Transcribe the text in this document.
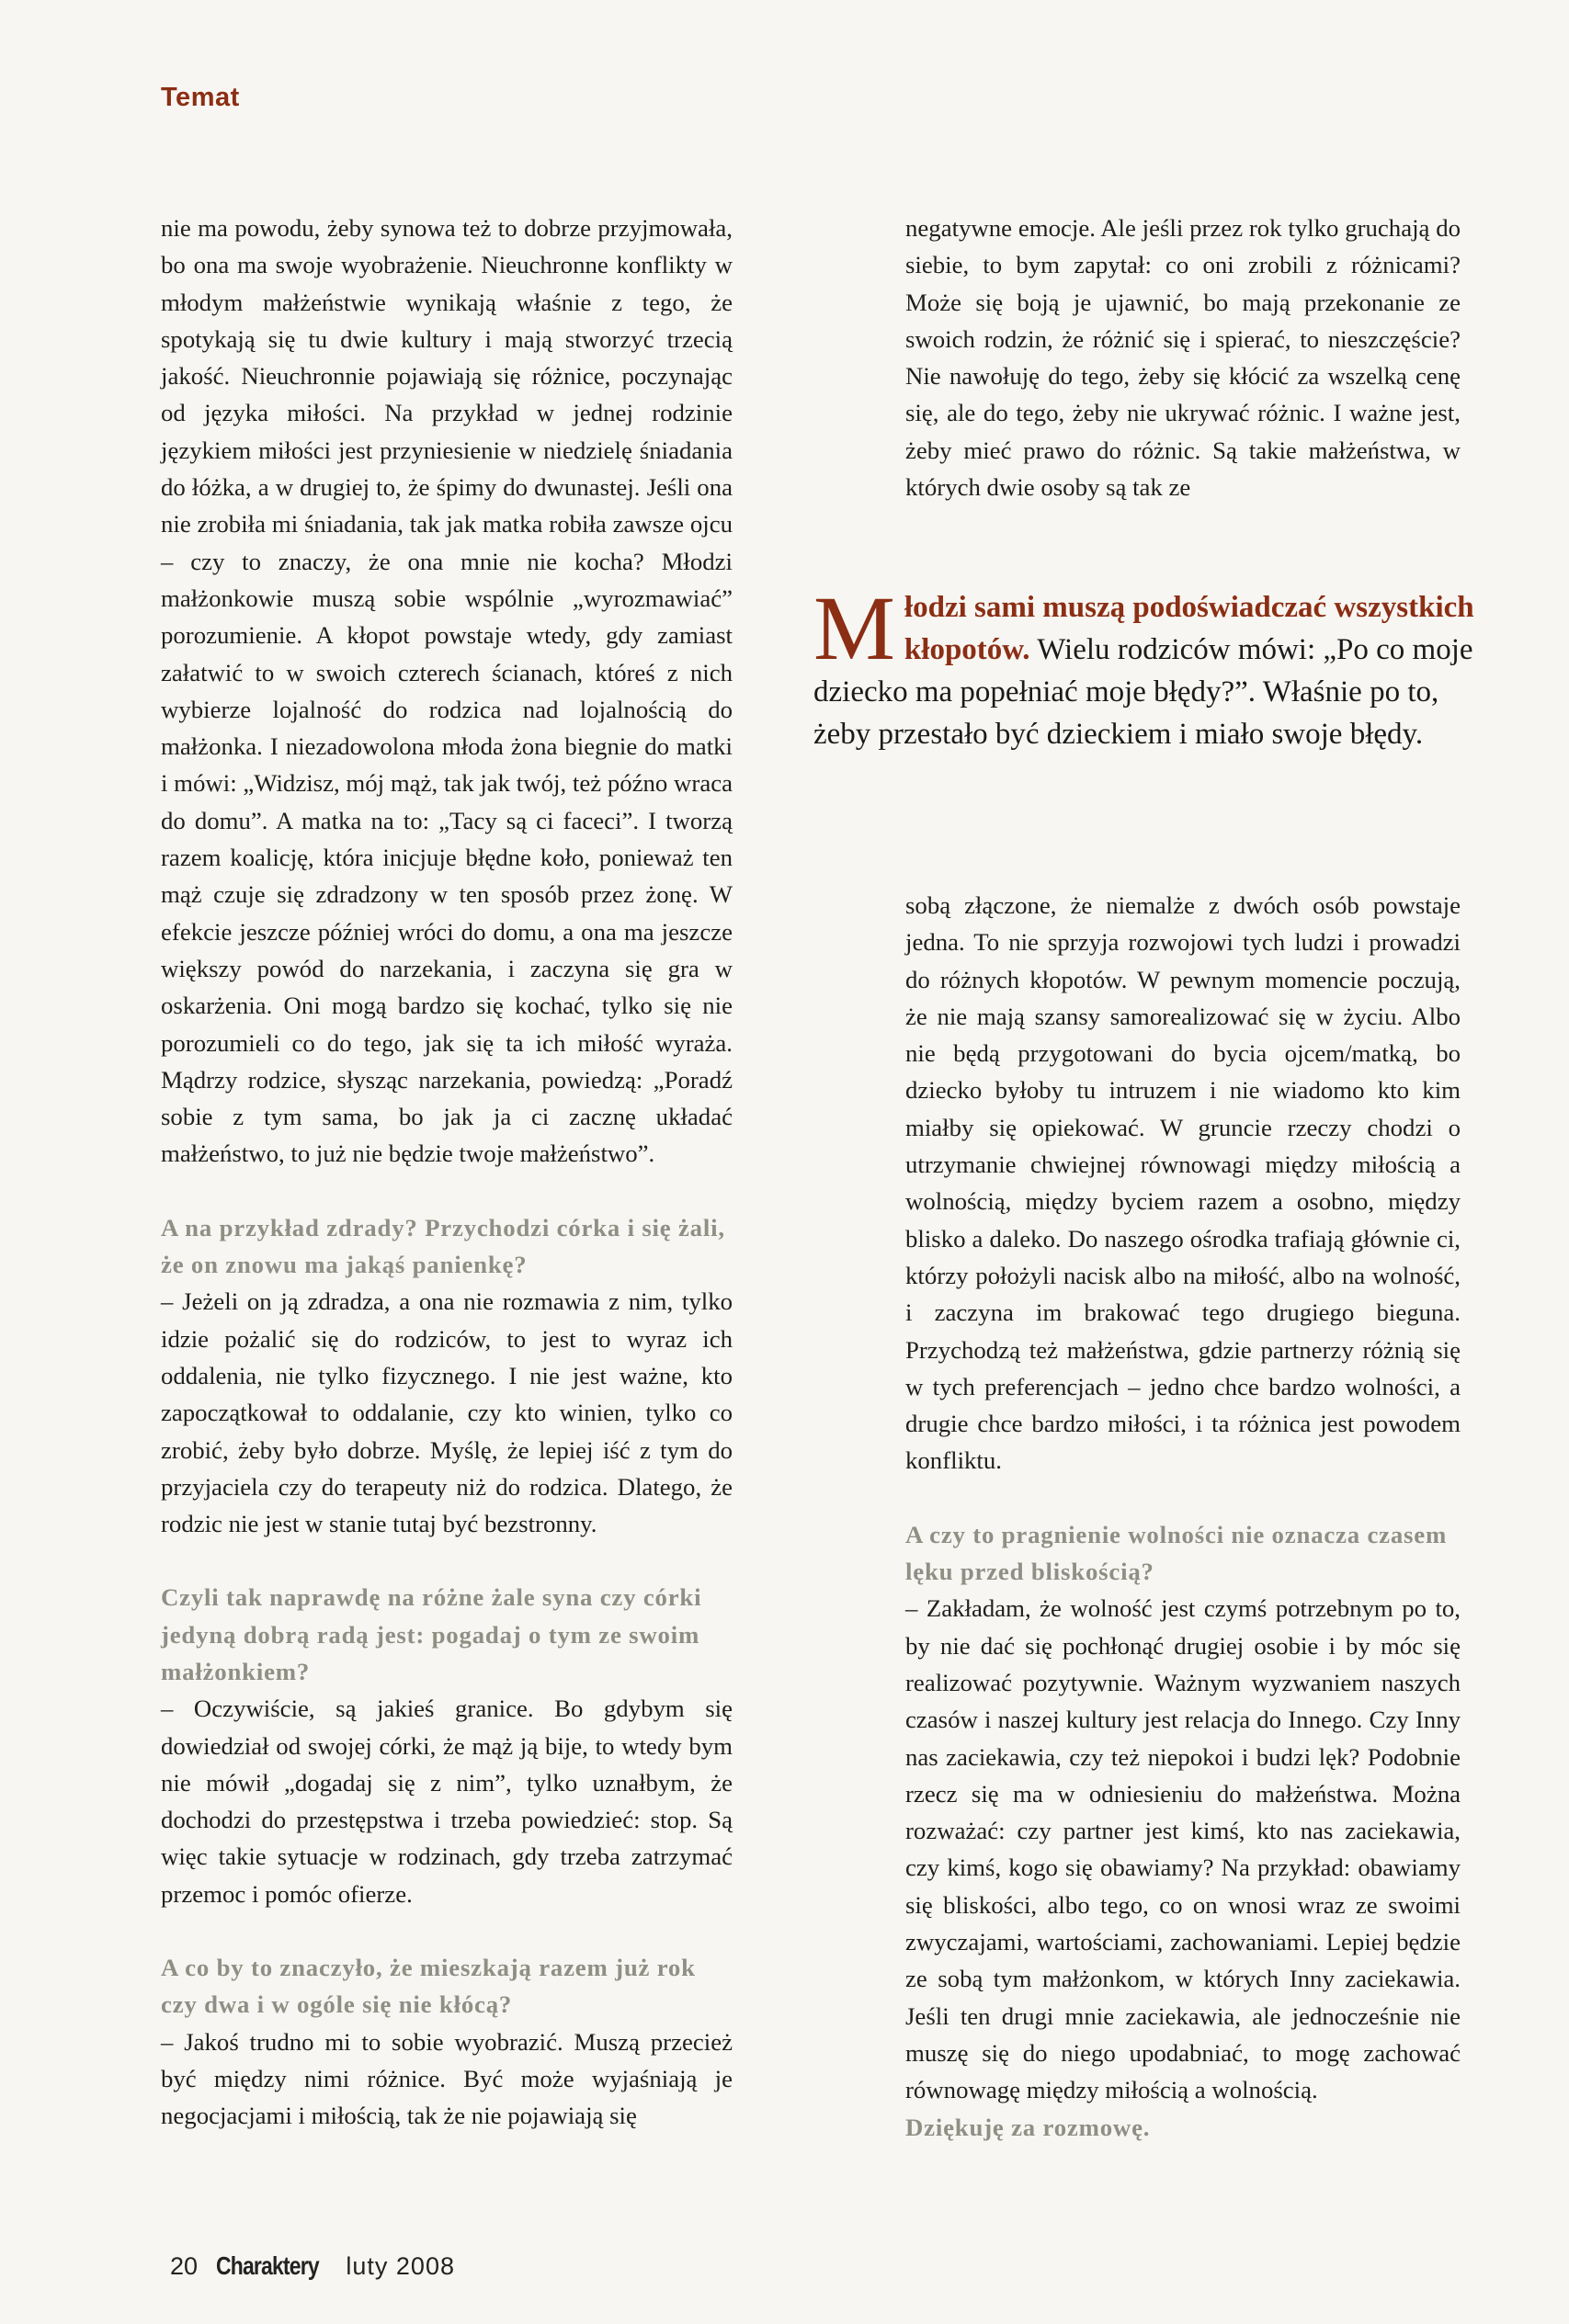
Temat

nie ma powodu, żeby synowa też to dobrze przyjmowała, bo ona ma swoje wyobrażenie. Nieuchronne konflikty w młodym małżeństwie wynikają właśnie z tego, że spotykają się tu dwie kultury i mają stworzyć trzecią jakość. Nieuchronnie pojawiają się różnice, poczynając od języka miłości. Na przykład w jednej rodzinie językiem miłości jest przyniesienie w niedzielę śniadania do łóżka, a w drugiej to, że śpimy do dwunastej. Jeśli ona nie zrobiła mi śniadania, tak jak matka robiła zawsze ojcu – czy to znaczy, że ona mnie nie kocha? Młodzi małżonkowie muszą sobie wspólnie „wyrozmawiać” porozumienie. A kłopot powstaje wtedy, gdy zamiast załatwić to w swoich czterech ścianach, któreś z nich wybierze lojalność do rodzica nad lojalnością do małżonka. I niezadowolona młoda żona biegnie do matki i mówi: „Widzisz, mój mąż, tak jak twój, też późno wraca do domu”. A matka na to: „Tacy są ci faceci”. I tworzą razem koalicję, która inicjuje błędne koło, ponieważ ten mąż czuje się zdradzony w ten sposób przez żonę. W efekcie jeszcze później wróci do domu, a ona ma jeszcze większy powód do narzekania, i zaczyna się gra w oskarżenia. Oni mogą bardzo się kochać, tylko się nie porozumieli co do tego, jak się ta ich miłość wyraża. Mądrzy rodzice, słysząc narzekania, powiedzą: „Poradź sobie z tym sama, bo jak ja ci zacznę układać małżeństwo, to już nie będzie twoje małżeństwo”.

A na przykład zdrady? Przychodzi córka i się żali, że on znowu ma jakąś panienkę?

– Jeżeli on ją zdradza, a ona nie rozmawia z nim, tylko idzie pożalić się do rodziców, to jest to wyraz ich oddalenia, nie tylko fizycznego. I nie jest ważne, kto zapoczątkował to oddalanie, czy kto winien, tylko co zrobić, żeby było dobrze. Myślę, że lepiej iść z tym do przyjaciela czy do terapeuty niż do rodzica. Dlatego, że rodzic nie jest w stanie tutaj być bezstronny.

Czyli tak naprawdę na różne żale syna czy córki jedyną dobrą radą jest: pogadaj o tym ze swoim małżonkiem?

– Oczywiście, są jakieś granice. Bo gdybym się dowiedział od swojej córki, że mąż ją bije, to wtedy bym nie mówił „dogadaj się z nim”, tylko uznałbym, że dochodzi do przestępstwa i trzeba powiedzieć: stop. Są więc takie sytuacje w rodzinach, gdy trzeba zatrzymać przemoc i pomóc ofierze.

A co by to znaczyło, że mieszkają razem już rok czy dwa i w ogóle się nie kłócą?

– Jakoś trudno mi to sobie wyobrazić. Muszą przecież być między nimi różnice. Być może wyjaśniają je negocjacjami i miłością, tak że nie pojawiają się

negatywne emocje. Ale jeśli przez rok tylko gruchają do siebie, to bym zapytał: co oni zrobili z różnicami? Może się boją je ujawnić, bo mają przekonanie ze swoich rodzin, że różnić się i spierać, to nieszczęście? Nie nawołuję do tego, żeby się kłócić za wszelką cenę się, ale do tego, żeby nie ukrywać różnic. I ważne jest, żeby mieć prawo do różnic. Są takie małżeństwa, w których dwie osoby są tak ze

M łodzi sami muszą podoświadczać wszystkich kłopotów. Wielu rodziców mówi: „Po co moje dziecko ma popełniać moje błędy?”. Właśnie po to, żeby przestało być dzieckiem i miało swoje błędy.

sobą złączone, że niemalże z dwóch osób powstaje jedna. To nie sprzyja rozwojowi tych ludzi i prowadzi do różnych kłopotów. W pewnym momencie poczują, że nie mają szansy samorealizować się w życiu. Albo nie będą przygotowani do bycia ojcem/matką, bo dziecko byłoby tu intruzem i nie wiadomo kto kim miałby się opiekować. W gruncie rzeczy chodzi o utrzymanie chwiejnej równowagi między miłością a wolnością, między byciem razem a osobno, między blisko a daleko. Do naszego ośrodka trafiają głównie ci, którzy położyli nacisk albo na miłość, albo na wolność, i zaczyna im brakować tego drugiego bieguna. Przychodzą też małżeństwa, gdzie partnerzy różnią się w tych preferencjach – jedno chce bardzo wolności, a drugie chce bardzo miłości, i ta różnica jest powodem konfliktu.

A czy to pragnienie wolności nie oznacza czasem lęku przed bliskością?

– Zakładam, że wolność jest czymś potrzebnym po to, by nie dać się pochłonąć drugiej osobie i by móc się realizować pozytywnie. Ważnym wyzwaniem naszych czasów i naszej kultury jest relacja do Innego. Czy Inny nas zaciekawia, czy też niepokoi i budzi lęk? Podobnie rzecz się ma w odniesieniu do małżeństwa. Można rozważać: czy partner jest kimś, kto nas zaciekawia, czy kimś, kogo się obawiamy? Na przykład: obawiamy się bliskości, albo tego, co on wnosi wraz ze swoimi zwyczajami, wartościami, zachowaniami. Lepiej będzie ze sobą tym małżonkom, w których Inny zaciekawia. Jeśli ten drugi mnie zaciekawia, ale jednocześnie nie muszę się do niego upodabniać, to mogę zachować równowagę między miłością a wolnością.

Dziękuję za rozmowę.

20 Charaktery luty 2008
